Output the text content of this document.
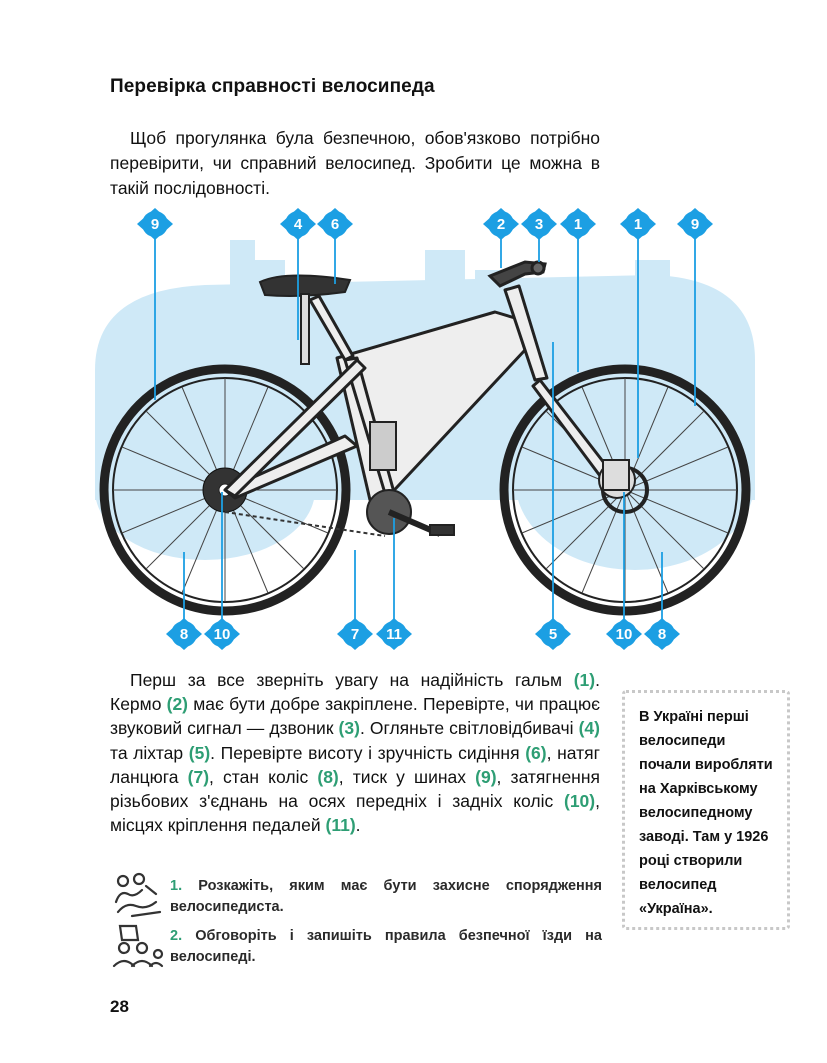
Перевірка справності велосипеда
Щоб прогулянка була безпечною, обов'язково потрібно перевірити, чи справний велосипед. Зробити це можна в такій послідовності.
9	4 6	2 3 1	1	9
8 10	7 11	5	10 8

Перш за все зверніть увагу на надійність гальм (1). Кермо (2) має бути добре закріплене. Перевірте, чи працює звуковий сигнал — дзвоник (3). Огляньте світловідбивачі (4) та ліхтар (5). Перевірте висоту і зручність сидіння (6), натяг ланцюга (7), стан коліс (8), тиск у шинах (9), затягнення різьбових з'єднань на осях передніх і задніх коліс (10), місцях кріплення педалей (11).

В Україні перші велосипеди почали виробляти на Харківському велосипедному заводі. Там у 1926 році створили велосипед «Україна».
1. Розкажіть, яким має бути захисне спорядження велосипедиста.
2. Обговоріть і запишіть правила безпечної їзди на велосипеді.
28
